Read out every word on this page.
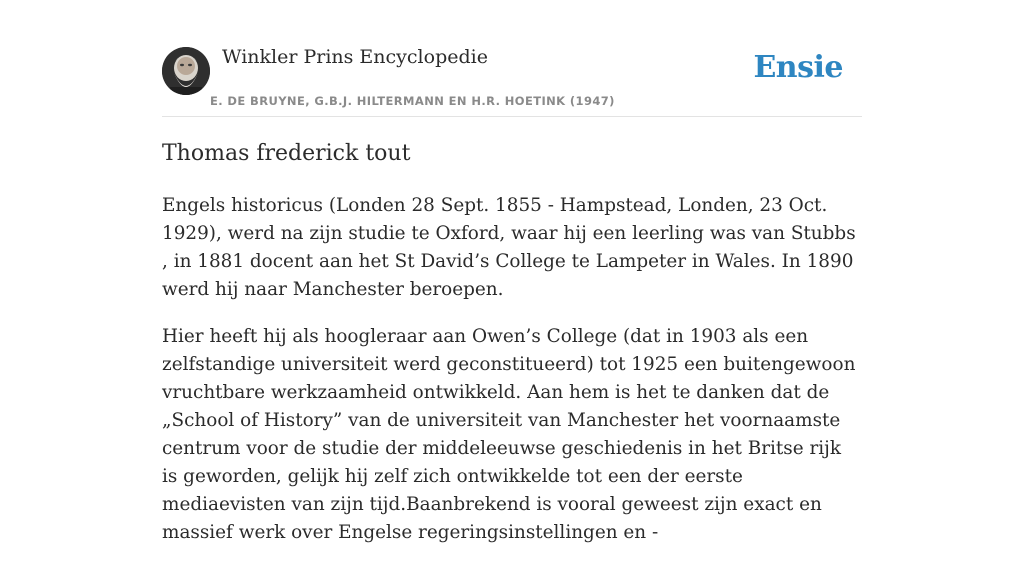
Winkler Prins Encyclopedie
E. DE BRUYNE, G.B.J. HILTERMANN EN H.R. HOETINK (1947)
Ensie
Thomas frederick tout

Engels historicus (Londen 28 Sept. 1855 - Hampstead, Londen, 23 Oct. 1929), werd na zijn studie te Oxford, waar hij een leerling was van Stubbs , in 1881 docent aan het St David’s College te Lampeter in Wales. In 1890 werd hij naar Manchester beroepen.

Hier heeft hij als hoogleraar aan Owen’s College (dat in 1903 als een zelfstandige universiteit werd geconstitueerd) tot 1925 een buitengewoon vruchtbare werkzaamheid ontwikkeld. Aan hem is het te danken dat de „School of History” van de universiteit van Manchester het voornaamste centrum voor de studie der middeleeuwse geschiedenis in het Britse rijk is geworden, gelijk hij zelf zich ontwikkelde tot een der eerste mediaevisten van zijn tijd.Baanbrekend is vooral geweest zijn exact en massief werk over Engelse regeringsinstellingen en -
